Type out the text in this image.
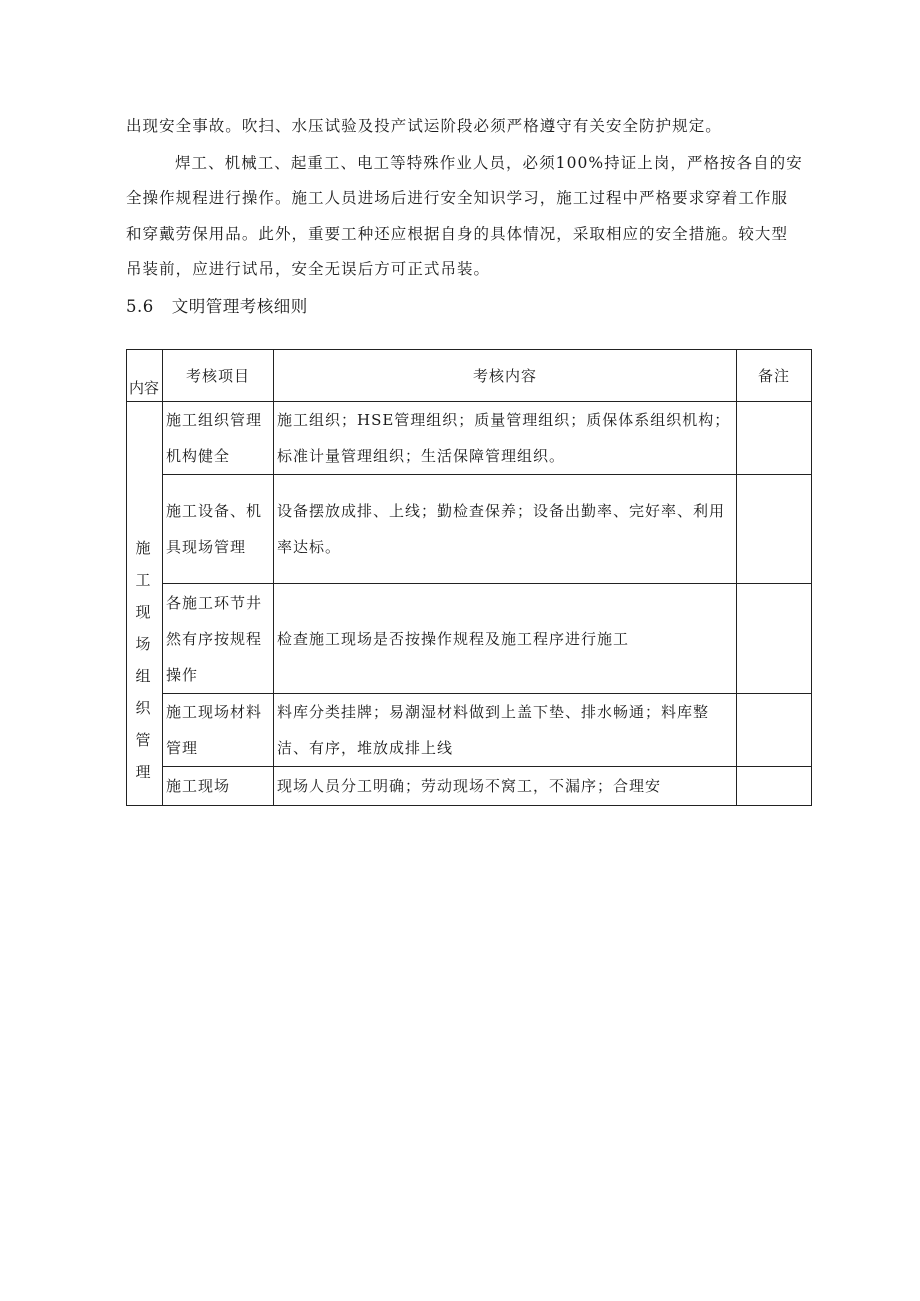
出现安全事故。吹扫、水压试验及投产试运阶段必须严格遵守有关安全防护规定。
焊工、机械工、起重工、电工等特殊作业人员，必须100%持证上岗，严格按各自的安
全操作规程进行操作。施工人员进场后进行安全知识学习，施工过程中严格要求穿着工作服
和穿戴劳保用品。此外，重要工种还应根据自身的具体情况，采取相应的安全措施。较大型
吊装前，应进行试吊，安全无误后方可正式吊装。
5.6 文明管理考核细则
内容	考核项目	考核内容	备注
施工现场组织管理	施工组织管理机构健全	施工组织；HSE管理组织；质量管理组织；质保体系组织机构；标准计量管理组织；生活保障管理组织。	
	施工设备、机具现场管理	设备摆放成排、上线；勤检查保养；设备出勤率、完好率、利用率达标。	
	各施工环节井然有序按规程操作	检查施工现场是否按操作规程及施工程序进行施工	
	施工现场材料管理	料库分类挂牌；易潮湿材料做到上盖下垫、排水畅通；料库整洁、有序，堆放成排上线	
	施工现场	现场人员分工明确；劳动现场不窝工，不漏序；合理安	
